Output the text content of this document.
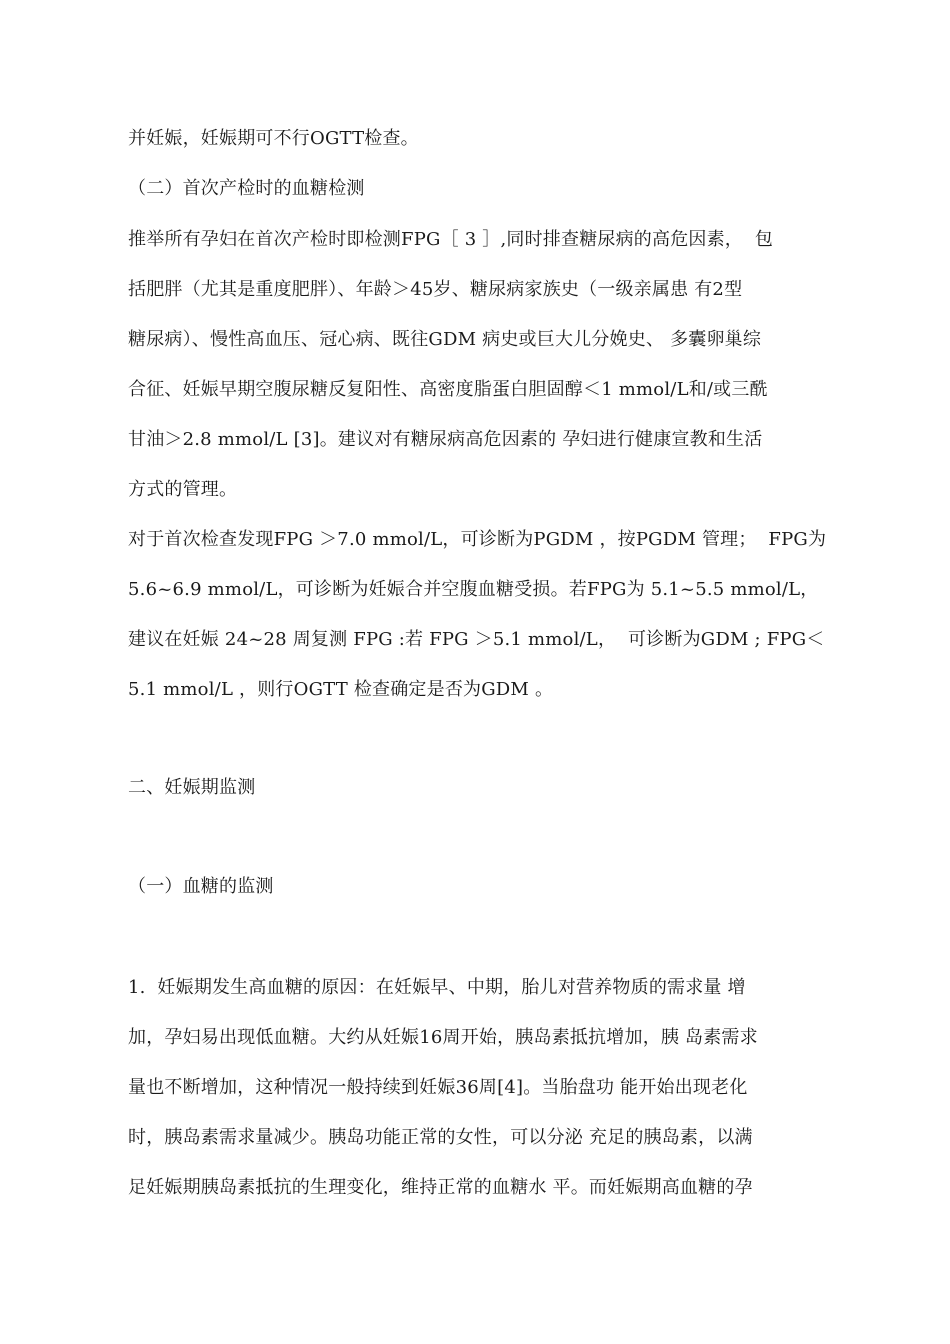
并妊娠，妊娠期可不行OGTT检查。
（二）首次产检时的血糖检测
推举所有孕妇在首次产检时即检测FPG［ 3 ］,同时排查糖尿病的高危因素，  包
括肥胖（尤其是重度肥胖）、年龄＞45岁、糖尿病家族史（一级亲属患 有2型
糖尿病）、慢性高血压、冠心病、既往GDM 病史或巨大儿分娩史、 多囊卵巢综
合征、妊娠早期空腹尿糖反复阳性、高密度脂蛋白胆固醇＜1 mmol/L和/或三酰
甘油＞2.8 mmol/L [3]。建议对有糖尿病高危因素的 孕妇进行健康宣教和生活
方式的管理。
对于首次检查发现FPG ＞7.0 mmol/L，可诊断为PGDM ，按PGDM 管理；  FPG为
5.6~6.9 mmol/L，可诊断为妊娠合并空腹血糖受损。若FPG为 5.1~5.5 mmol/L，
建议在妊娠 24~28 周复测 FPG :若 FPG ＞5.1 mmol/L，  可诊断为GDM ; FPG＜
5.1 mmol/L ，则行OGTT 检查确定是否为GDM 。
二、妊娠期监测
（一）血糖的监测
1.  妊娠期发生高血糖的原因：在妊娠早、中期，胎儿对营养物质的需求量 增
加，孕妇易出现低血糖。大约从妊娠16周开始，胰岛素抵抗增加，胰 岛素需求
量也不断增加，这种情况一般持续到妊娠36周[4]。当胎盘功 能开始出现老化
时，胰岛素需求量减少。胰岛功能正常的女性，可以分泌 充足的胰岛素，以满
足妊娠期胰岛素抵抗的生理变化，维持正常的血糖水 平。而妊娠期高血糖的孕
